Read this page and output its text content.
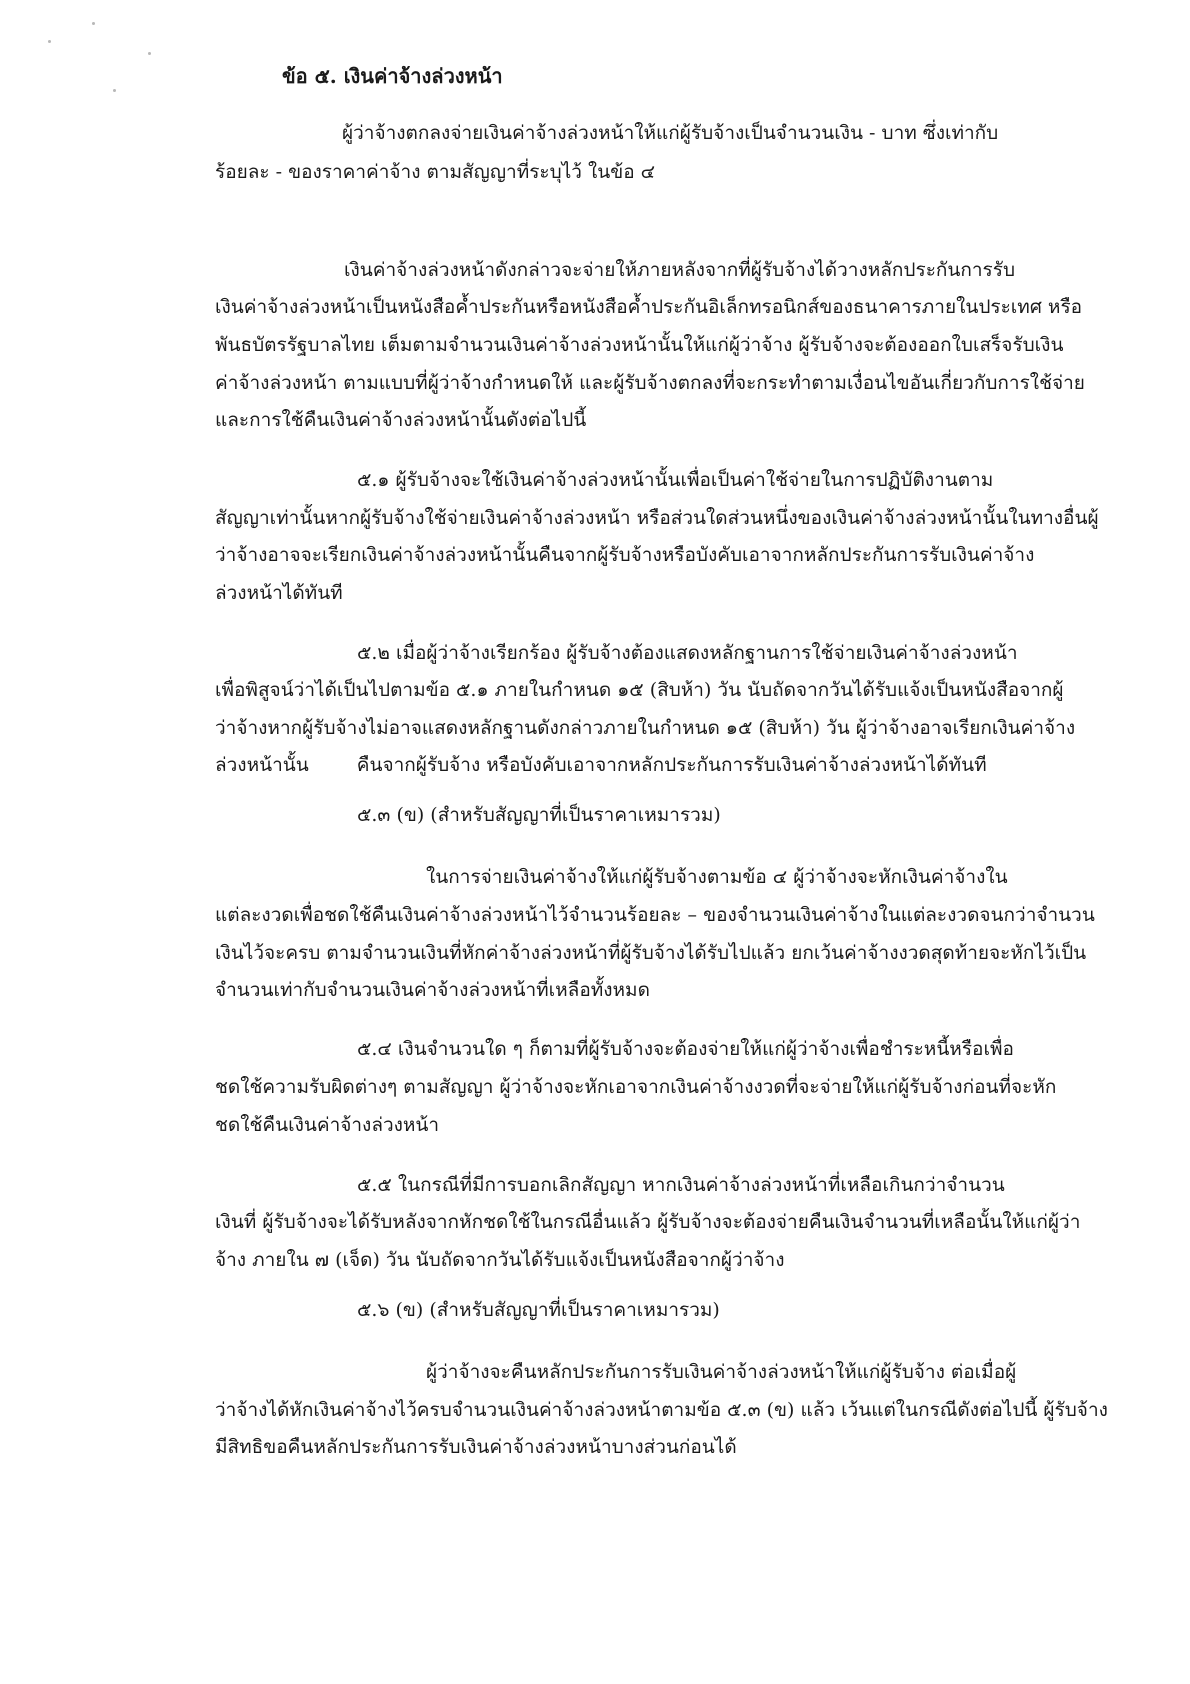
ข้อ ๕. เงินค่าจ้างล่วงหน้า
ผู้ว่าจ้างตกลงจ่ายเงินค่าจ้างล่วงหน้าให้แก่ผู้รับจ้างเป็นจำนวนเงิน - บาท ซึ่งเท่ากับ
ร้อยละ - ของราคาค่าจ้าง ตามสัญญาที่ระบุไว้ ในข้อ ๔
เงินค่าจ้างล่วงหน้าดังกล่าวจะจ่ายให้ภายหลังจากที่ผู้รับจ้างได้วางหลักประกันการรับ
เงินค่าจ้างล่วงหน้าเป็นหนังสือค้ำประกันหรือหนังสือค้ำประกันอิเล็กทรอนิกส์ของธนาคารภายในประเทศ หรือ
พันธบัตรรัฐบาลไทย เต็มตามจำนวนเงินค่าจ้างล่วงหน้านั้นให้แก่ผู้ว่าจ้าง ผู้รับจ้างจะต้องออกใบเสร็จรับเงิน
ค่าจ้างล่วงหน้า ตามแบบที่ผู้ว่าจ้างกำหนดให้ และผู้รับจ้างตกลงที่จะกระทำตามเงื่อนไขอันเกี่ยวกับการใช้จ่าย
และการใช้คืนเงินค่าจ้างล่วงหน้านั้นดังต่อไปนี้
๕.๑ ผู้รับจ้างจะใช้เงินค่าจ้างล่วงหน้านั้นเพื่อเป็นค่าใช้จ่ายในการปฏิบัติงานตาม
สัญญาเท่านั้นหากผู้รับจ้างใช้จ่ายเงินค่าจ้างล่วงหน้า หรือส่วนใดส่วนหนึ่งของเงินค่าจ้างล่วงหน้านั้นในทางอื่นผู้
ว่าจ้างอาจจะเรียกเงินค่าจ้างล่วงหน้านั้นคืนจากผู้รับจ้างหรือบังคับเอาจากหลักประกันการรับเงินค่าจ้าง
ล่วงหน้าได้ทันที
๕.๒ เมื่อผู้ว่าจ้างเรียกร้อง ผู้รับจ้างต้องแสดงหลักฐานการใช้จ่ายเงินค่าจ้างล่วงหน้า
เพื่อพิสูจน์ว่าได้เป็นไปตามข้อ ๕.๑ ภายในกำหนด ๑๕ (สิบห้า) วัน นับถัดจากวันได้รับแจ้งเป็นหนังสือจากผู้
ว่าจ้างหากผู้รับจ้างไม่อาจแสดงหลักฐานดังกล่าวภายในกำหนด ๑๕ (สิบห้า) วัน ผู้ว่าจ้างอาจเรียกเงินค่าจ้าง
ล่วงหน้านั้น	คืนจากผู้รับจ้าง หรือบังคับเอาจากหลักประกันการรับเงินค่าจ้างล่วงหน้าได้ทันที
๕.๓ (ข) (สำหรับสัญญาที่เป็นราคาเหมารวม)
ในการจ่ายเงินค่าจ้างให้แก่ผู้รับจ้างตามข้อ ๔ ผู้ว่าจ้างจะหักเงินค่าจ้างใน
แต่ละงวดเพื่อชดใช้คืนเงินค่าจ้างล่วงหน้าไว้จำนวนร้อยละ – ของจำนวนเงินค่าจ้างในแต่ละงวดจนกว่าจำนวน
เงินไว้จะครบ ตามจำนวนเงินที่หักค่าจ้างล่วงหน้าที่ผู้รับจ้างได้รับไปแล้ว ยกเว้นค่าจ้างงวดสุดท้ายจะหักไว้เป็น
จำนวนเท่ากับจำนวนเงินค่าจ้างล่วงหน้าที่เหลือทั้งหมด
๕.๔ เงินจำนวนใด ๆ ก็ตามที่ผู้รับจ้างจะต้องจ่ายให้แก่ผู้ว่าจ้างเพื่อชำระหนี้หรือเพื่อ
ชดใช้ความรับผิดต่างๆ ตามสัญญา ผู้ว่าจ้างจะหักเอาจากเงินค่าจ้างงวดที่จะจ่ายให้แก่ผู้รับจ้างก่อนที่จะหัก
ชดใช้คืนเงินค่าจ้างล่วงหน้า
๕.๕ ในกรณีที่มีการบอกเลิกสัญญา หากเงินค่าจ้างล่วงหน้าที่เหลือเกินกว่าจำนวน
เงินที่ ผู้รับจ้างจะได้รับหลังจากหักชดใช้ในกรณีอื่นแล้ว ผู้รับจ้างจะต้องจ่ายคืนเงินจำนวนที่เหลือนั้นให้แก่ผู้ว่า
จ้าง ภายใน ๗ (เจ็ด) วัน นับถัดจากวันได้รับแจ้งเป็นหนังสือจากผู้ว่าจ้าง
๕.๖ (ข) (สำหรับสัญญาที่เป็นราคาเหมารวม)
ผู้ว่าจ้างจะคืนหลักประกันการรับเงินค่าจ้างล่วงหน้าให้แก่ผู้รับจ้าง ต่อเมื่อผู้
ว่าจ้างได้หักเงินค่าจ้างไว้ครบจำนวนเงินค่าจ้างล่วงหน้าตามข้อ ๕.๓ (ข) แล้ว เว้นแต่ในกรณีดังต่อไปนี้ ผู้รับจ้าง
มีสิทธิขอคืนหลักประกันการรับเงินค่าจ้างล่วงหน้าบางส่วนก่อนได้
